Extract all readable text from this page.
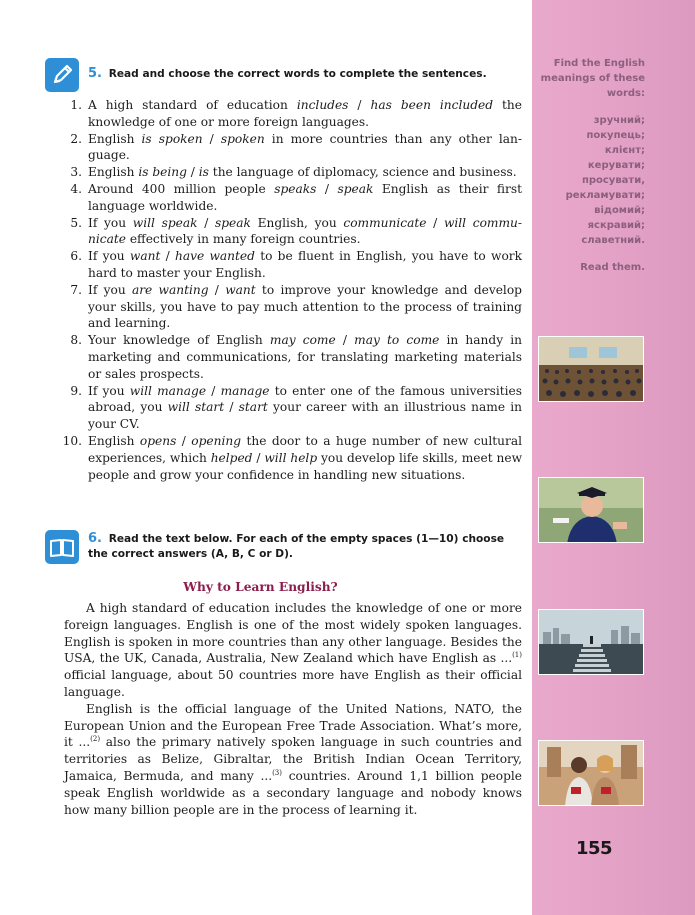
Find the English meanings of these words:
зручний;
покупець;
клієнт;
керувати;
просувати,
рекламувати;
відомий;
яскравий;
славетний.
Read them.
155
5. Read and choose the correct words to complete the sentences.
1. A high standard of education includes / has been included the knowledge of one or more foreign languages.
2. English is spoken / spoken in more countries than any other language.
3. English is being / is the language of diplomacy, science and business.
4. Around 400 million people speaks / speak English as their first language worldwide.
5. If you will speak / speak English, you communicate / will communicate effectively in many foreign countries.
6. If you want / have wanted to be fluent in English, you have to work hard to master your English.
7. If you are wanting / want to improve your knowledge and develop your skills, you have to pay much attention to the process of training and learning.
8. Your knowledge of English may come / may to come in handy in marketing and communications, for translating marketing materials or sales prospects.
9. If you will manage / manage to enter one of the famous universities abroad, you will start / start your career with an illustrious name in your CV.
10. English opens / opening the door to a huge number of new cultural experiences, which helped / will help you develop life skills, meet new people and grow your confidence in handling new situations.
6. Read the text below. For each of the empty spaces (1—10) choose the correct answers (A, B, C or D).
Why to Learn English?

A high standard of education includes the knowledge of one or more foreign languages. English is one of the most widely spoken languages. English is spoken in more countries than any other language. Besides the USA, the UK, Canada, Australia, New Zealand which have English as ...$^{(1)}$ official language, about 50 countries more have English as their official language.

English is the official language of the United Nations, NATO, the European Union and the European Free Trade Association. What’s more, it ...$^{(2)}$ also the primary natively spoken language in such countries and territories as Belize, Gibraltar, the British Indian Ocean Territory, Jamaica, Bermuda, and many ...$^{(3)}$ countries. Around 1,1 billion people speak English worldwide as a secondary language and nobody knows how many billion people are in the process of learning it.
